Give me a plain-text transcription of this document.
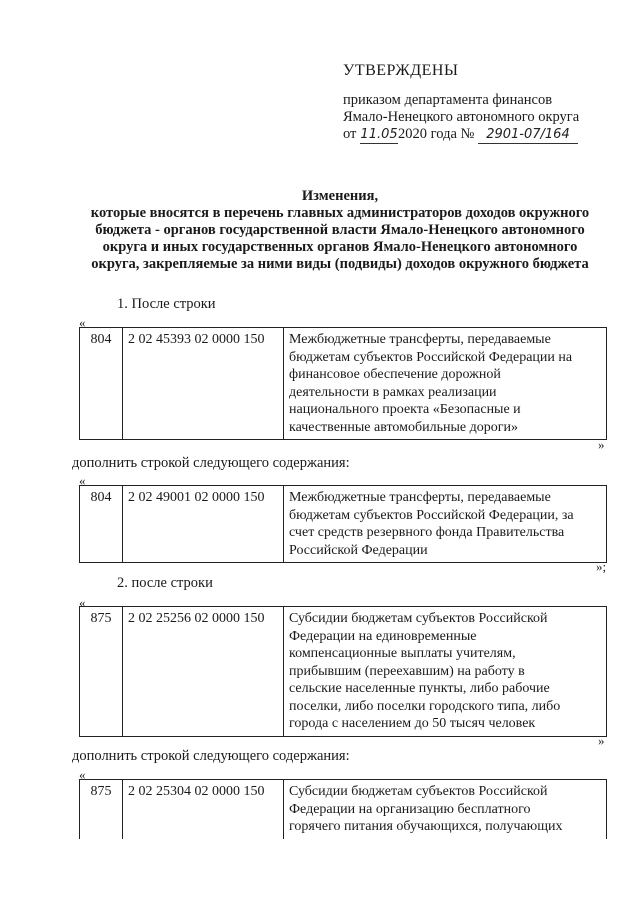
УТВЕРЖДЕНЫ
приказом департамента финансов
Ямало-Ненецкого автономного округа
от 11.052020 года № 2901-07/164
Изменения,
которые вносятся в перечень главных администраторов доходов окружного
бюджета - органов государственной власти Ямало-Ненецкого автономного
округа и иных государственных органов Ямало-Ненецкого автономного
округа, закрепляемые за ними виды (подвиды) доходов окружного бюджета
1. После строки
«
804	2 02 45393 02 0000 150	Межбюджетные трансферты, передаваемые
бюджетам субъектов Российской Федерации на
финансовое обеспечение дорожной
деятельности в рамках реализации
национального проекта «Безопасные и
качественные автомобильные дороги»
»
дополнить строкой следующего содержания:
«
804	2 02 49001 02 0000 150	Межбюджетные трансферты, передаваемые
бюджетам субъектов Российской Федерации, за
счет средств резервного фонда Правительства
Российской Федерации
»;
2. после строки
«
875	2 02 25256 02 0000 150	Субсидии бюджетам субъектов Российской
Федерации на единовременные
компенсационные выплаты учителям,
прибывшим (переехавшим) на работу в
сельские населенные пункты, либо рабочие
поселки, либо поселки городского типа, либо
города с населением до 50 тысяч человек
»
дополнить строкой следующего содержания:
«
875	2 02 25304 02 0000 150	Субсидии бюджетам субъектов Российской
Федерации на организацию бесплатного
горячего питания обучающихся, получающих
